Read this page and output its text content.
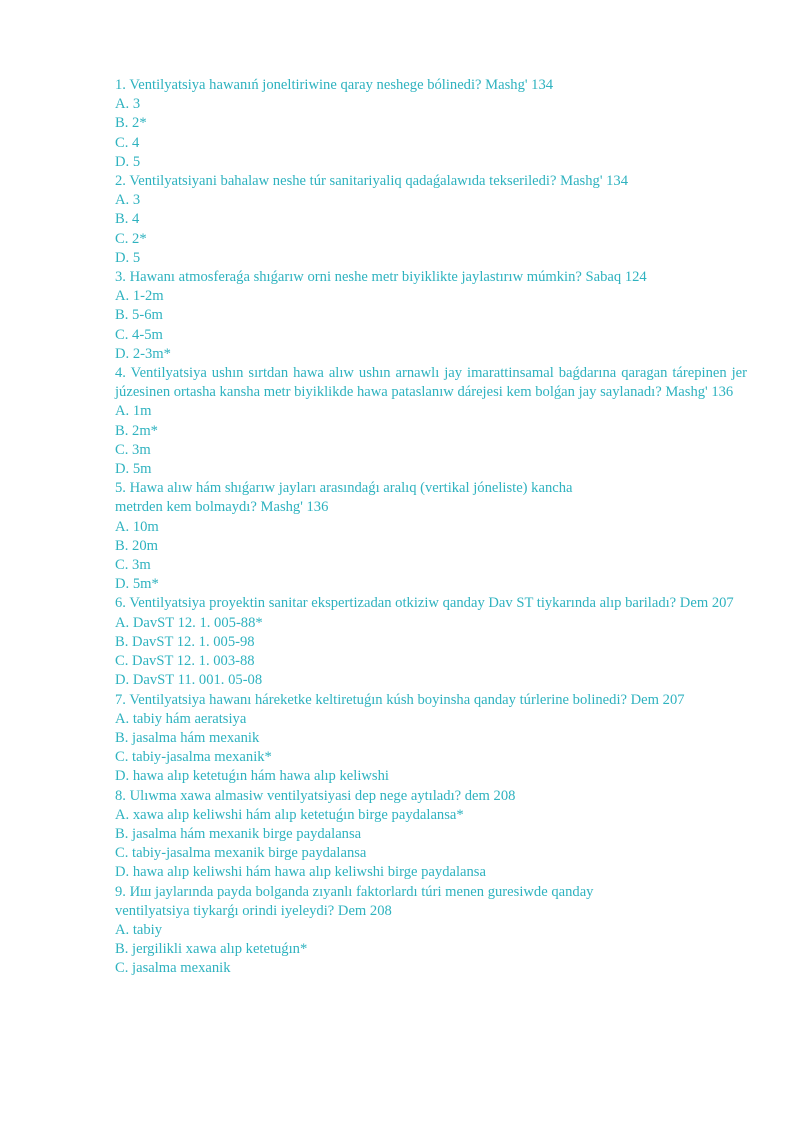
1. Ventilyatsiya hawanıń joneltiriwine qaray neshege bólinedi? Mashg' 134

A. 3

B. 2*

C. 4

D. 5

2. Ventilyatsiyani bahalaw neshe túr sanitariyaliq qadaǵalawıda tekseriledi? Mashg' 134

A. 3

B. 4

C. 2*

D. 5

3. Hawanı atmosferaǵa shıǵarıw orni neshe metr biyiklikte jaylastırıw múmkin? Sabaq 124

A. 1-2m

B. 5-6m

C. 4-5m

D. 2-3m*

4. Ventilyatsiya ushın sırtdan hawa alıw ushın arnawlı jay imarattinsamal baǵdarına qaragan tárepinen jer júzesinen ortasha kansha metr biyiklikde hawa pataslanıw dárejesi kem bolǵan jay saylanadı? Mashg' 136

A. 1m

B. 2m*

C. 3m

D. 5m

5. Hawa alıw hám shıǵarıw jayları arasındaǵı aralıq (vertikal jóneliste) kancha

metrden kem bolmaydı? Mashg' 136

A. 10m

B. 20m

C. 3m

D. 5m*

6. Ventilyatsiya proyektin sanitar ekspertizadan otkiziw qanday Dav ST tiykarında alıp bariladı? Dem 207

A. DavST 12. 1. 005-88*

B. DavST 12. 1. 005-98

C. DavST 12. 1. 003-88

D. DavST 11. 001. 05-08

7. Ventilyatsiya hawanı háreketke keltiretuǵın kúsh boyinsha qanday túrlerine bolinedi? Dem 207

A. tabiy hám aeratsiya

B. jasalma hám mexanik

C. tabiy-jasalma mexanik*

D. hawa alıp ketetuǵın hám hawa alıp keliwshi

8. Ulıwma xawa almasiw ventilyatsiyasi dep nege aytıladı? dem 208

A. xawa alıp keliwshi hám alıp ketetuǵın birge paydalansa*

B. jasalma hám mexanik birge paydalansa

C. tabiy-jasalma mexanik birge paydalansa

D. hawa alıp keliwshi hám hawa alıp keliwshi birge paydalansa

9. Иш jaylarında payda bolganda zıyanlı faktorlardı túri menen guresiwde qanday

ventilyatsiya tiykarǵı orindi iyeleydi? Dem 208

A. tabiy

B. jergilikli xawa alıp ketetuǵın*

C. jasalma mexanik
